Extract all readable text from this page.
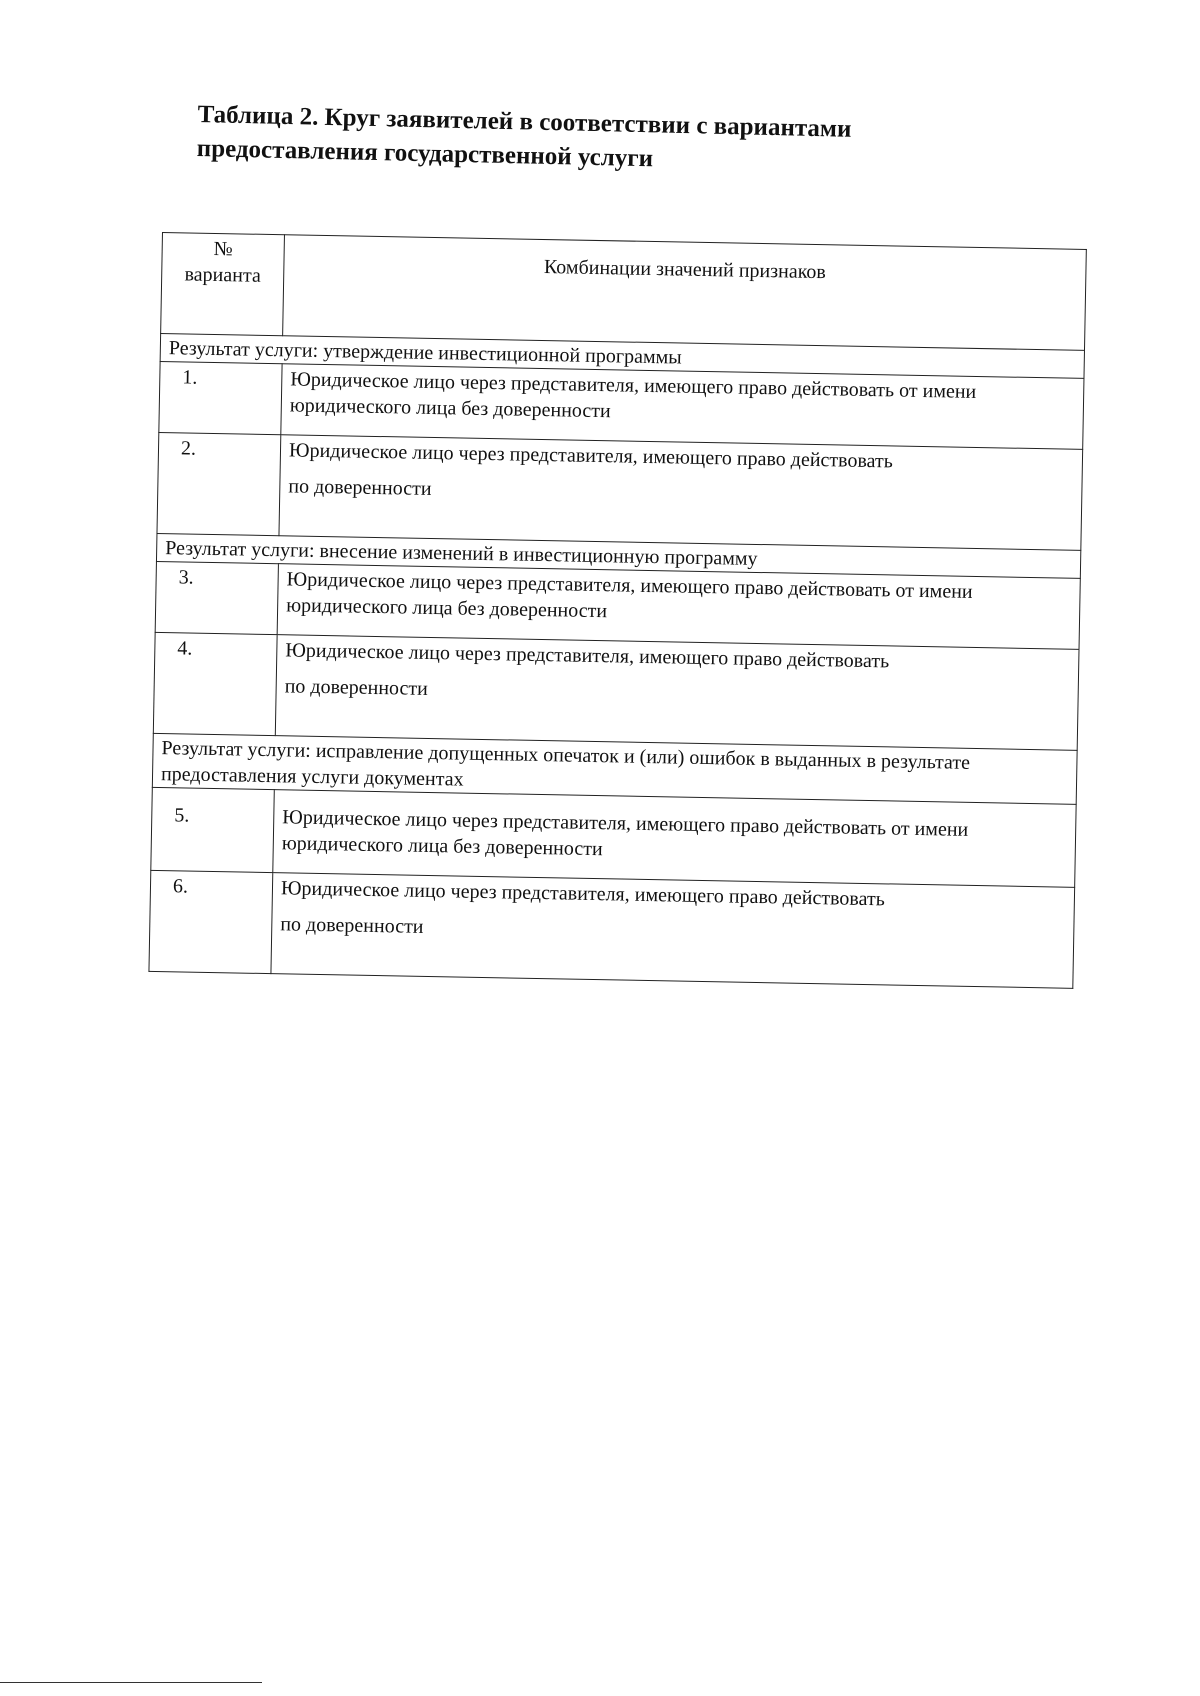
Таблица 2. Круг заявителей в соответствии с вариантами
предоставления государственной услуги
№
варианта	Комбинации значений признаков
Результат услуги: утверждение инвестиционной программы	
1.	Юридическое лицо через представителя, имеющего право действовать от имени юридического лица без доверенности
2.	Юридическое лицо через представителя, имеющего право действовать
по доверенности

Результат услуги: внесение изменений в инвестиционную программу	
3.	Юридическое лицо через представителя, имеющего право действовать от имени юридического лица без доверенности
4.	Юридическое лицо через представителя, имеющего право действовать
по доверенности

Результат услуги: исправление допущенных опечаток и (или) ошибок в выданных в результате предоставления услуги документах	
5.	Юридическое лицо через представителя, имеющего право действовать от имени юридического лица без доверенности
6.	Юридическое лицо через представителя, имеющего право действовать
по доверенности
